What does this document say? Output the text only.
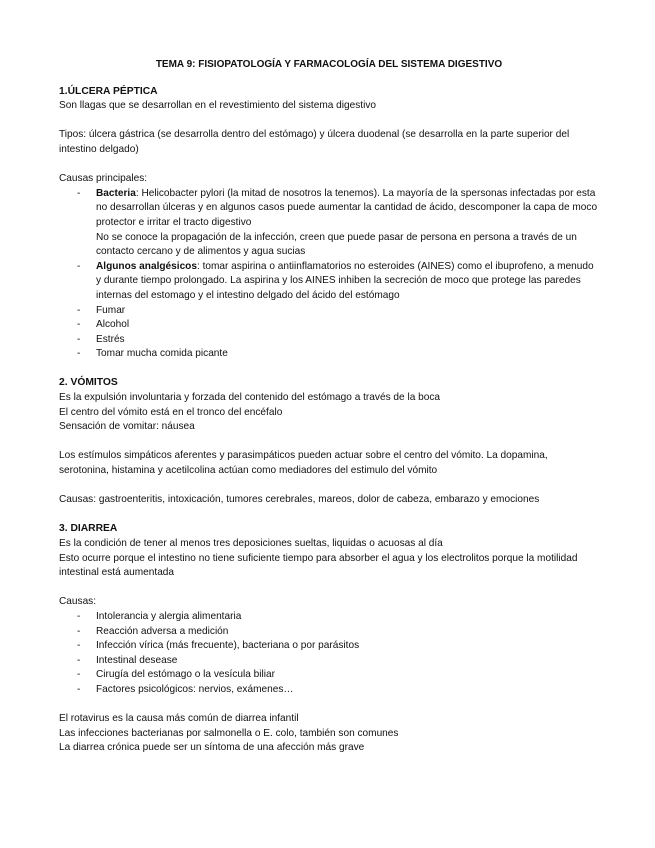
TEMA 9: FISIOPATOLOGÍA Y FARMACOLOGÍA DEL SISTEMA DIGESTIVO

1.ÚLCERA PÉPTICA

Son llagas que se desarrollan en el revestimiento del sistema digestivo

Tipos: úlcera gástrica (se desarrolla dentro del estómago) y úlcera duodenal (se desarrolla en la parte superior del intestino delgado)

Causas principales:

- Bacteria: Helicobacter pylori (la mitad de nosotros la tenemos). La mayoría de la spersonas infectadas por esta no desarrollan úlceras y en algunos casos puede aumentar la cantidad de ácido, descomponer la capa de moco protector e irritar el tracto digestivo
No se conoce la propagación de la infección, creen que puede pasar de persona en persona a través de un contacto cercano y de alimentos y agua sucias
- Algunos analgésicos: tomar aspirina o antiinflamatorios no esteroides (AINES) como el ibuprofeno, a menudo y durante tiempo prolongado. La aspirina y los AINES inhiben la secreción de moco que protege las paredes internas del estomago y el intestino delgado del ácido del estómago
- Fumar
- Alcohol
- Estrés
- Tomar mucha comida picante

2. VÓMITOS

Es la expulsión involuntaria y forzada del contenido del estómago a través de la boca

El centro del vómito está en el tronco del encéfalo

Sensación de vomitar: náusea

Los estímulos simpáticos aferentes y parasimpáticos pueden actuar sobre el centro del vómito. La dopamina, serotonina, histamina y acetilcolina actúan como mediadores del estimulo del vómito

Causas: gastroenteritis, intoxicación, tumores cerebrales, mareos, dolor de cabeza, embarazo y emociones

3. DIARREA

Es la condición de tener al menos tres deposiciones sueltas, liquidas o acuosas al día

Esto ocurre porque el intestino no tiene suficiente tiempo para absorber el agua y los electrolitos porque la motilidad intestinal está aumentada

Causas:

- Intolerancia y alergia alimentaria
- Reacción adversa a medición
- Infección vírica (más frecuente), bacteriana o por parásitos
- Intestinal desease
- Cirugía del estómago o la vesícula biliar
- Factores psicológicos: nervios, exámenes…

El rotavirus es la causa más común de diarrea infantil

Las infecciones bacterianas por salmonella o E. colo, también son comunes

La diarrea crónica puede ser un síntoma de una afección más grave
